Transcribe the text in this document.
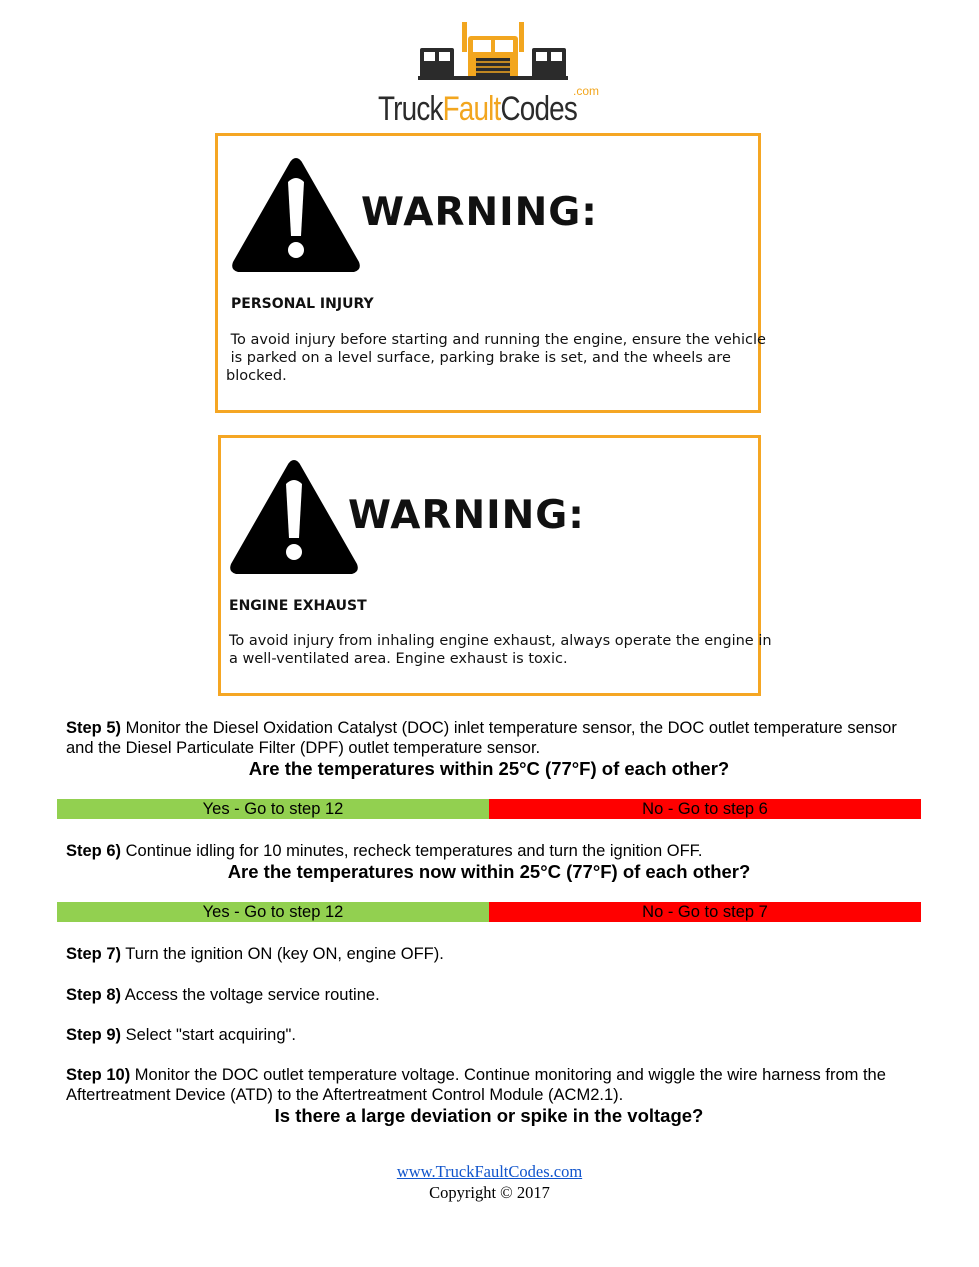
TruckFaultCodes
.com
WARNING:
PERSONAL INJURY
To avoid injury before starting and running the engine, ensure the vehicle
is parked on a level surface, parking brake is set, and the wheels are
blocked.
WARNING:
ENGINE EXHAUST
To avoid injury from inhaling engine exhaust, always operate the engine in
a well-ventilated area. Engine exhaust is toxic.
Step 5) Monitor the Diesel Oxidation Catalyst (DOC) inlet temperature sensor, the DOC outlet temperature sensor and the Diesel Particulate Filter (DPF) outlet temperature sensor.
Are the temperatures within 25°C (77°F) of each other?
Yes - Go to step 12	No - Go to step 6
Step 6) Continue idling for 10 minutes, recheck temperatures and turn the ignition OFF.
Are the temperatures now within 25°C (77°F) of each other?
Yes - Go to step 12	No - Go to step 7
Step 7) Turn the ignition ON (key ON, engine OFF).
Step 8) Access the voltage service routine.
Step 9) Select "start acquiring".
Step 10) Monitor the DOC outlet temperature voltage. Continue monitoring and wiggle the wire harness from the Aftertreatment Device (ATD) to the Aftertreatment Control Module (ACM2.1).
Is there a large deviation or spike in the voltage?
www.TruckFaultCodes.com
Copyright © 2017
